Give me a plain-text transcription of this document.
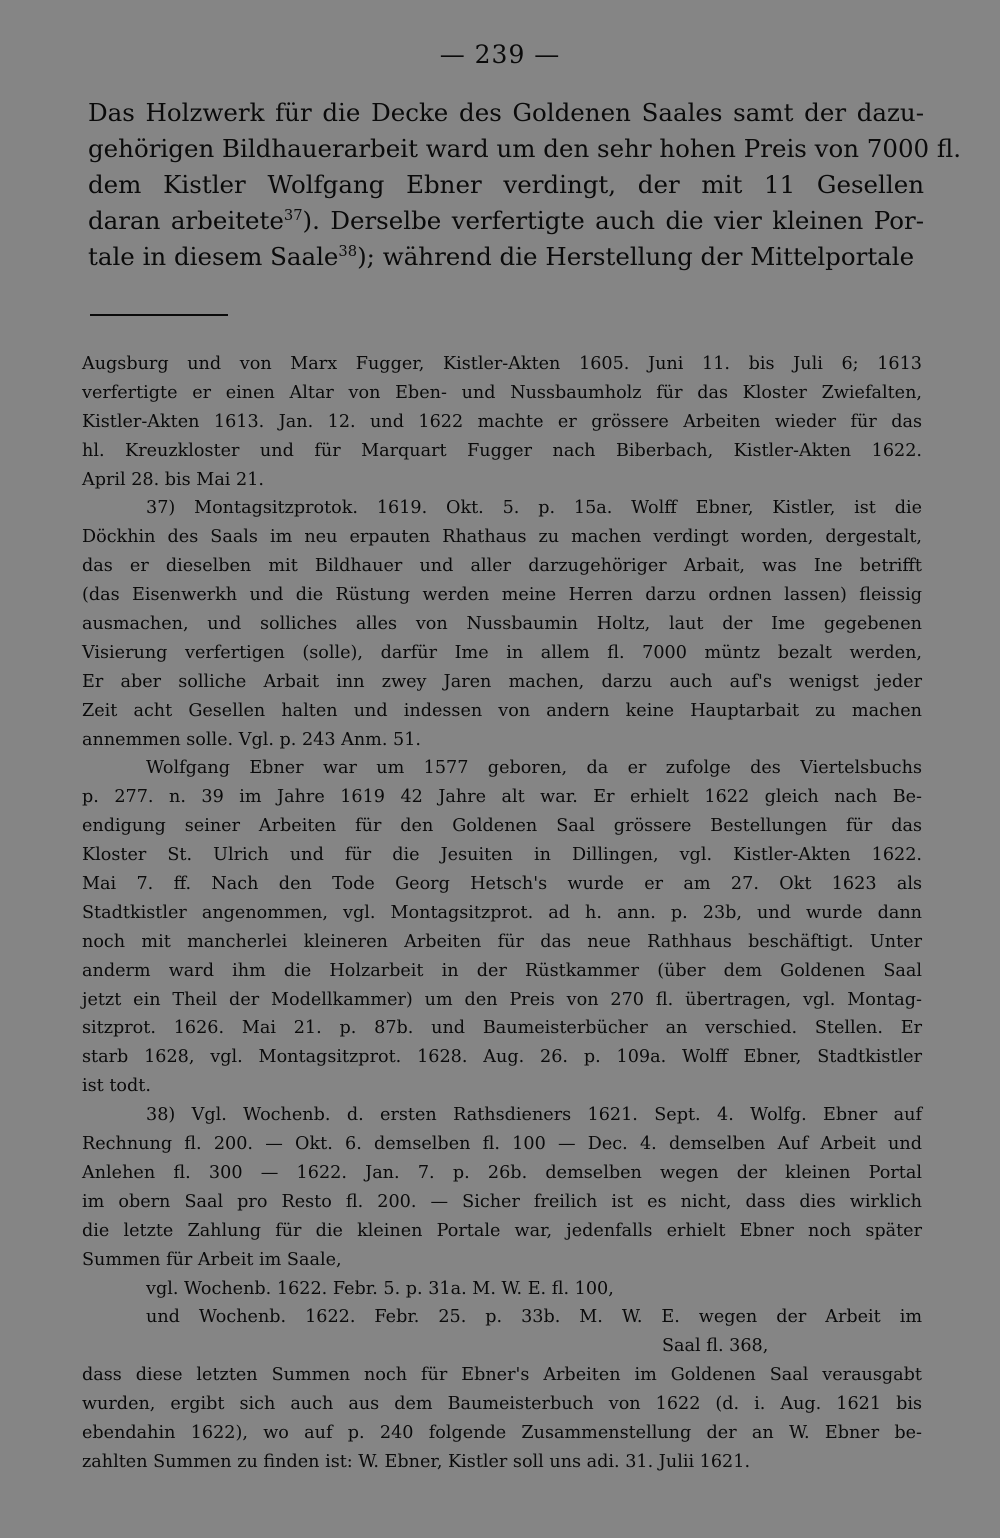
— 239 —
Das Holzwerk für die Decke des Goldenen Saales samt der dazu-
gehörigen Bildhauerarbeit ward um den sehr hohen Preis von 7000 fl.
dem Kistler Wolfgang Ebner verdingt, der mit 11 Gesellen
daran arbeitete$^{37}$). Derselbe verfertigte auch die vier kleinen Por-
tale in diesem Saale$^{38}$); während die Herstellung der Mittelportale
Augsburg und von Marx Fugger, Kistler-Akten 1605. Juni 11. bis Juli 6; 1613
verfertigte er einen Altar von Eben- und Nussbaumholz für das Kloster Zwiefalten,
Kistler-Akten 1613. Jan. 12. und 1622 machte er grössere Arbeiten wieder für das
hl. Kreuzkloster und für Marquart Fugger nach Biberbach, Kistler-Akten 1622.
April 28. bis Mai 21.
37) Montagsitzprotok. 1619. Okt. 5. p. 15a. Wolff Ebner, Kistler, ist die
Döckhin des Saals im neu erpauten Rhathaus zu machen verdingt worden, dergestalt,
das er dieselben mit Bildhauer und aller darzugehöriger Arbait, was Ine betrifft
(das Eisenwerkh und die Rüstung werden meine Herren darzu ordnen lassen) fleissig
ausmachen, und solliches alles von Nussbaumin Holtz, laut der Ime gegebenen
Visierung verfertigen (solle), darfür Ime in allem fl. 7000 müntz bezalt werden,
Er aber solliche Arbait inn zwey Jaren machen, darzu auch auf's wenigst jeder
Zeit acht Gesellen halten und indessen von andern keine Hauptarbait zu machen
annemmen solle. Vgl. p. 243 Anm. 51.
Wolfgang Ebner war um 1577 geboren, da er zufolge des Viertelsbuchs
p. 277. n. 39 im Jahre 1619 42 Jahre alt war. Er erhielt 1622 gleich nach Be-
endigung seiner Arbeiten für den Goldenen Saal grössere Bestellungen für das
Kloster St. Ulrich und für die Jesuiten in Dillingen, vgl. Kistler-Akten 1622.
Mai 7. ff. Nach den Tode Georg Hetsch's wurde er am 27. Okt 1623 als
Stadtkistler angenommen, vgl. Montagsitzprot. ad h. ann. p. 23b, und wurde dann
noch mit mancherlei kleineren Arbeiten für das neue Rathhaus beschäftigt. Unter
anderm ward ihm die Holzarbeit in der Rüstkammer (über dem Goldenen Saal
jetzt ein Theil der Modellkammer) um den Preis von 270 fl. übertragen, vgl. Montag-
sitzprot. 1626. Mai 21. p. 87b. und Baumeisterbücher an verschied. Stellen. Er
starb 1628, vgl. Montagsitzprot. 1628. Aug. 26. p. 109a. Wolff Ebner, Stadtkistler
ist todt.
38) Vgl. Wochenb. d. ersten Rathsdieners 1621. Sept. 4. Wolfg. Ebner auf
Rechnung fl. 200. — Okt. 6. demselben fl. 100 — Dec. 4. demselben Auf Arbeit und
Anlehen fl. 300 — 1622. Jan. 7. p. 26b. demselben wegen der kleinen Portal
im obern Saal pro Resto fl. 200. — Sicher freilich ist es nicht, dass dies wirklich
die letzte Zahlung für die kleinen Portale war, jedenfalls erhielt Ebner noch später
Summen für Arbeit im Saale,
vgl. Wochenb. 1622. Febr. 5. p. 31a. M. W. E. fl. 100,
und Wochenb. 1622. Febr. 25. p. 33b. M. W. E. wegen der Arbeit im
Saal fl. 368,
dass diese letzten Summen noch für Ebner's Arbeiten im Goldenen Saal verausgabt
wurden, ergibt sich auch aus dem Baumeisterbuch von 1622 (d. i. Aug. 1621 bis
ebendahin 1622), wo auf p. 240 folgende Zusammenstellung der an W. Ebner be-
zahlten Summen zu finden ist: W. Ebner, Kistler soll uns adi. 31. Julii 1621.
